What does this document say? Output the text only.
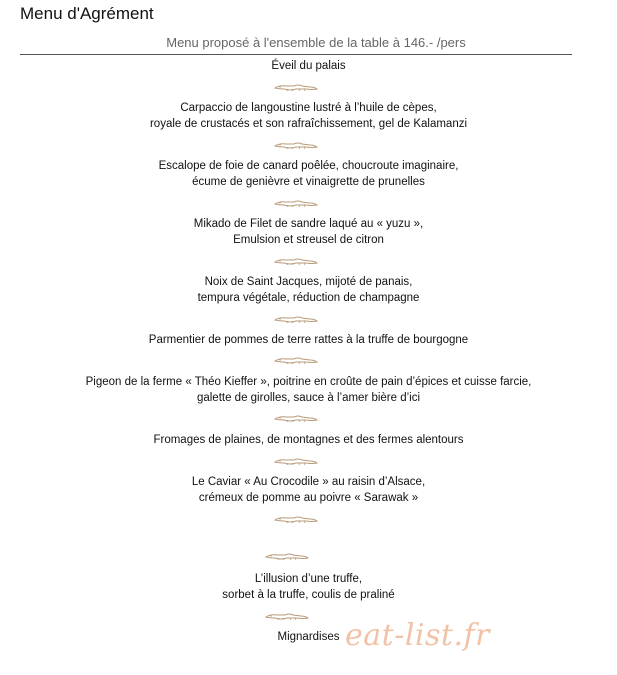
Menu d'Agrément
Menu proposé à l'ensemble de la table à 146.- /pers
Éveil du palais
Carpaccio de langoustine lustré à l’huile de cèpes,
royale de crustacés et son rafraîchissement, gel de Kalamanzi
Escalope de foie de canard poêlée, choucroute imaginaire,
écume de genièvre et vinaigrette de prunelles
Mikado de Filet de sandre laqué au « yuzu »,
Emulsion et streusel de citron
Noix de Saint Jacques, mijoté de panais,
tempura végétale, réduction de champagne
Parmentier de pommes de terre rattes à la truffe de bourgogne
Pigeon de la ferme « Théo Kieffer », poitrine en croûte de pain d’épices et cuisse farcie,
galette de girolles, sauce à l’amer bière d’ici
Fromages de plaines, de montagnes et des fermes alentours
Le Caviar « Au Crocodile » au raisin d’Alsace,
crémeux de pomme au poivre « Sarawak »
L’illusion d’une truffe,
sorbet à la truffe, coulis de praliné
Mignardises eat-list.fr
